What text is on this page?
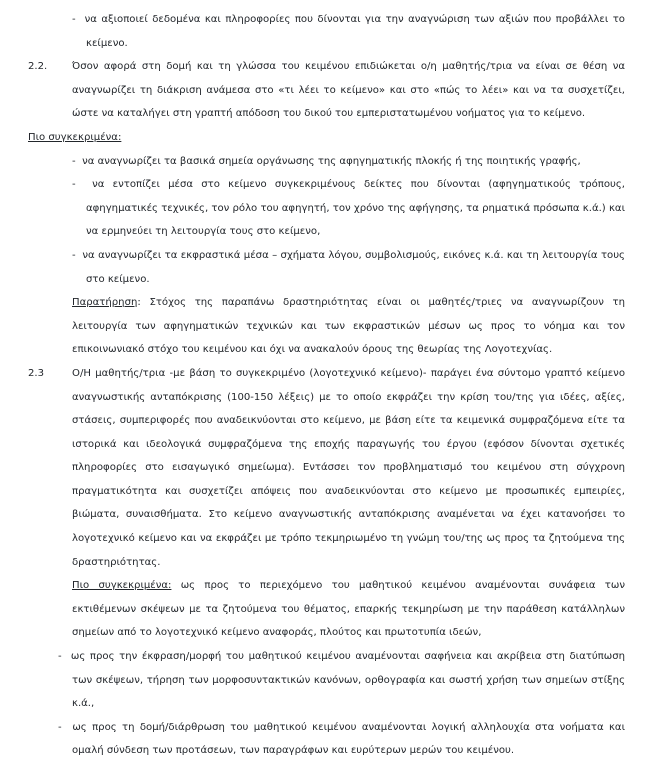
-  να αξιοποιεί δεδομένα και πληροφορίες που δίνονται για την αναγνώριση των αξιών που προβάλλει το κείμενο.
2.2.	Όσον αφορά στη δομή και τη γλώσσα του κειμένου επιδιώκεται ο/η μαθητής/τρια να είναι σε θέση να αναγνωρίζει τη διάκριση ανάμεσα στο «τι λέει το κείμενο» και στο «πώς το λέει» και να τα συσχετίζει, ώστε να καταλήγει στη γραπτή απόδοση του δικού του εμπεριστατωμένου νοήματος για το κείμενο.
Πιο συγκεκριμένα:
-  να αναγνωρίζει τα βασικά σημεία οργάνωσης της αφηγηματικής πλοκής ή της ποιητικής γραφής,
-  να εντοπίζει μέσα στο κείμενο συγκεκριμένους δείκτες που δίνονται (αφηγηματικούς τρόπους, αφηγηματικές τεχνικές, τον ρόλο του αφηγητή, τον χρόνο της αφήγησης, τα ρηματικά πρόσωπα κ.ά.) και να ερμηνεύει τη λειτουργία τους στο κείμενο,
-  να αναγνωρίζει τα εκφραστικά μέσα – σχήματα λόγου, συμβολισμούς, εικόνες κ.ά. και τη λειτουργία τους στο κείμενο.
Παρατήρηση: Στόχος της παραπάνω δραστηριότητας είναι οι μαθητές/τριες να αναγνωρίζουν τη λειτουργία των αφηγηματικών τεχνικών και των εκφραστικών μέσων ως προς το νόημα και τον επικοινωνιακό στόχο του κειμένου και όχι να ανακαλούν όρους της θεωρίας της Λογοτεχνίας.
2.3	Ο/Η μαθητής/τρια -με βάση το συγκεκριμένο (λογοτεχνικό κείμενο)- παράγει ένα σύντομο γραπτό κείμενο αναγνωστικής ανταπόκρισης (100-150 λέξεις) με το οποίο εκφράζει την κρίση του/της για ιδέες, αξίες, στάσεις, συμπεριφορές που αναδεικνύονται στο κείμενο, με βάση είτε τα κειμενικά συμφραζόμενα είτε τα ιστορικά και ιδεολογικά συμφραζόμενα της εποχής παραγωγής του έργου (εφόσον δίνονται σχετικές πληροφορίες στο εισαγωγικό σημείωμα). Εντάσσει τον προβληματισμό του κειμένου στη σύγχρονη πραγματικότητα και συσχετίζει απόψεις που αναδεικνύονται στο κείμενο με προσωπικές εμπειρίες, βιώματα, συναισθήματα. Στο κείμενο αναγνωστικής ανταπόκρισης αναμένεται να έχει κατανοήσει το λογοτεχνικό κείμενο και να εκφράζει με τρόπο τεκμηριωμένο τη γνώμη του/της ως προς τα ζητούμενα της δραστηριότητας.
Πιο συγκεκριμένα: ως προς το περιεχόμενο του μαθητικού κειμένου αναμένονται συνάφεια των εκτιθέμενων σκέψεων με τα ζητούμενα του θέματος, επαρκής τεκμηρίωση με την παράθεση κατάλληλων σημείων από το λογοτεχνικό κείμενο αναφοράς, πλούτος και πρωτοτυπία ιδεών,
-  ως προς την έκφραση/μορφή του μαθητικού κειμένου αναμένονται σαφήνεια και ακρίβεια στη διατύπωση των σκέψεων, τήρηση των μορφοσυντακτικών κανόνων, ορθογραφία και σωστή χρήση των σημείων στίξης κ.ά.,
-  ως προς τη δομή/διάρθρωση του μαθητικού κειμένου αναμένονται λογική αλληλουχία στα νοήματα και ομαλή σύνδεση των προτάσεων, των παραγράφων και ευρύτερων μερών του κειμένου.
